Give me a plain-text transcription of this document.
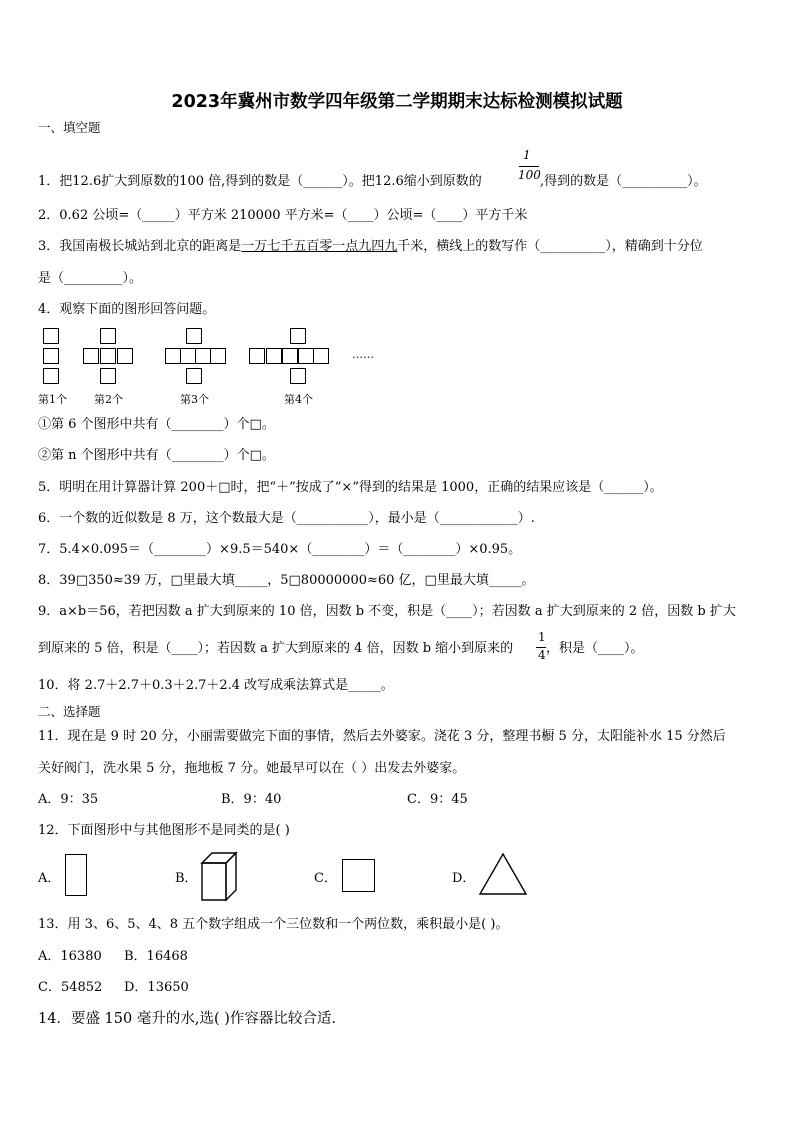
2023年冀州市数学四年级第二学期期末达标检测模拟试题
一、填空题
1．把12.6扩大到原数的100 倍,得到的数是（______）。把12.6缩小到原数的
1
100 ,得到的数是（__________）。
2．0.62 公顷=（_____）平方米 210000 平方米=（____）公顷=（____）平方千米
3．我国南极长城站到北京的距离是一万七千五百零一点九四九千米，横线上的数写作（__________），精确到十分位
是（_________）。
4．观察下面的图形回答问题。
……
第1个 第2个	第3个	第4个
①第 6 个图形中共有（________）个□。
②第 n 个图形中共有（________）个□。
5．明明在用计算器计算 200＋□时，把“＋”按成了“×”得到的结果是 1000，正确的结果应该是（______）。
6．一个数的近似数是 8 万，这个数最大是（___________），最小是（____________）.
7．5.4×0.095＝（________）×9.5＝540×（________）＝（________）×0.95。
8．39□350≈39 万，□里最大填_____，5□80000000≈60 亿，□里最大填_____。
9．a×b＝56，若把因数 a 扩大到原来的 10 倍，因数 b 不变，积是（____）；若因数 a 扩大到原来的 2 倍，因数 b 扩大
到原来的 5 倍，积是（____）；若因数 a 扩大到原来的 4 倍，因数 b 缩小到原来的
1
4 ，积是（____）。
10．将 2.7＋2.7＋0.3＋2.7＋2.4 改写成乘法算式是_____。
二、选择题
11．现在是 9 时 20 分，小丽需要做完下面的事情，然后去外婆家。浇花 3 分，整理书橱 5 分，太阳能补水 15 分然后
关好阀门，洗水果 5 分，拖地板 7 分。她最早可以在（ ）出发去外婆家。
A．9：35	B．9：40	C．9：45
12．下面图形中与其他图形不是同类的是( )
A．	B．	C．	D．
13．用 3、6、5、4、8 五个数字组成一个三位数和一个两位数，乘积最小是( )。
A．16380 B．16468
C．54852 D．13650
14．要盛 150 毫升的水,选( )作容器比较合适.
